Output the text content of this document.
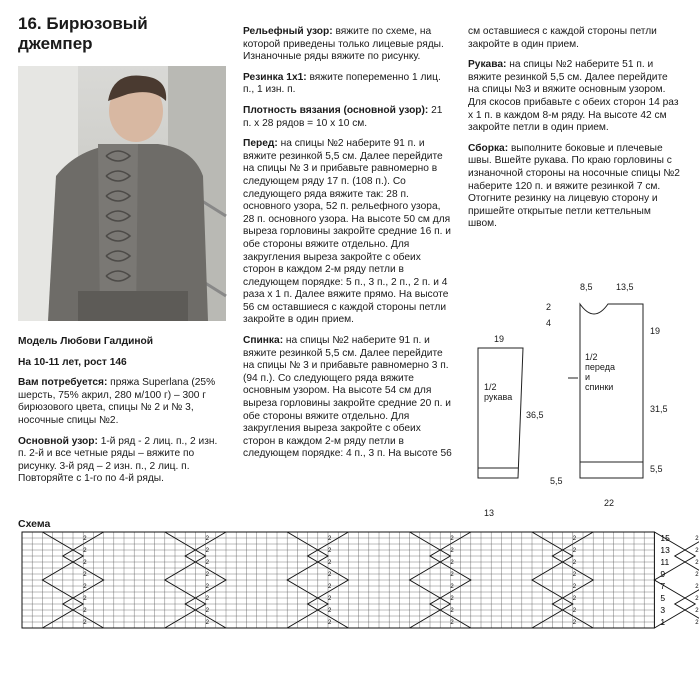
16. Бирюзовый
джемпер

Модель Любови Галдиной

На 10-11 лет, рост 146

Вам потребуется: пряжа Superlana (25% шерсть, 75% акрил, 280 м/100 г) – 300 г бирюзового цвета, спицы № 2 и № 3, носочные спицы №2.

Основной узор: 1-й ряд - 2 лиц. п., 2 изн. п. 2-й и все четные ряды – вяжите по рисунку. 3-й ряд – 2 изн. п., 2 лиц. п. Повторяйте с 1-го по 4-й ряды.

Рельефный узор: вяжите по схеме, на которой приведены только лицевые ряды. Изнаночные ряды вяжите по рисунку.

Резинка 1х1: вяжите попеременно 1 лиц. п., 1 изн. п.

Плотность вязания (основной узор): 21 п. х 28 рядов = 10 х 10 см.

Перед: на спицы №2 наберите 91 п. и вяжите резинкой 5,5 см. Далее перейдите на спицы № 3 и прибавьте равномерно в следующем ряду 17 п. (108 п.). Со следующего ряда вяжите так: 28 п. основного узора, 52 п. рельефного узора, 28 п. основного узора. На высоте 50 см для выреза горловины закройте средние 16 п. и обе стороны вяжите отдельно. Для закругления выреза закройте с обеих сторон в каждом 2-м ряду петли в следующем порядке: 5 п., 3 п., 2 п., 2 п. и 4 раза х 1 п. Далее вяжите прямо. На высоте 56 см оставшиеся с каждой стороны петли закройте в один прием.

Спинка: на спицы №2 наберите 91 п. и вяжите резинкой 5,5 см. Далее перейдите на спицы № 3 и прибавьте равномерно 3 п. (94 п.). Со следующего ряда вяжите основным узором. На высоте 54 см для выреза горловины закройте средние 20 п. и обе стороны вяжите отдельно. Для закругления выреза закройте с обеих сторон в каждом 2-м ряду петли в следующем порядке: 4 п., 3 п. На высоте 56

см оставшиеся с каждой стороны петли закройте в один прием.

Рукава: на спицы №2 наберите 51 п. и вяжите резинкой 5,5 см. Далее перейдите на спицы №3 и вяжите основным узором. Для скосов прибавьте с обеих сторон 14 раз х 1 п. в каждом 8-м ряду. На высоте 42 см закройте петли в один прием.

Сборка: выполните боковые и плечевые швы. Вшейте рукава. По краю горловины с изнаночной стороны на носочные спицы №2 наберите 120 п. и вяжите резинкой 7 см. Отогните резинку на лицевую сторону и пришейте открытые петли кеттельным швом.

1/2
рукава
1/2
переда
и
спинки
19
36,5
5,5
13
8,5	13,5
2
4
19
31,5
5,5
22
Схема
2
2
2
2
2
2
2
2
2
2
2
2
2
2
2
2
2
2
2
2
2
2
2
2
2
2
2
2
2
2
2
2
2
2
2
2
2
2
2
2
2
2
2
2
2
2
2
2
15
13
11
9
7
5
3
1
